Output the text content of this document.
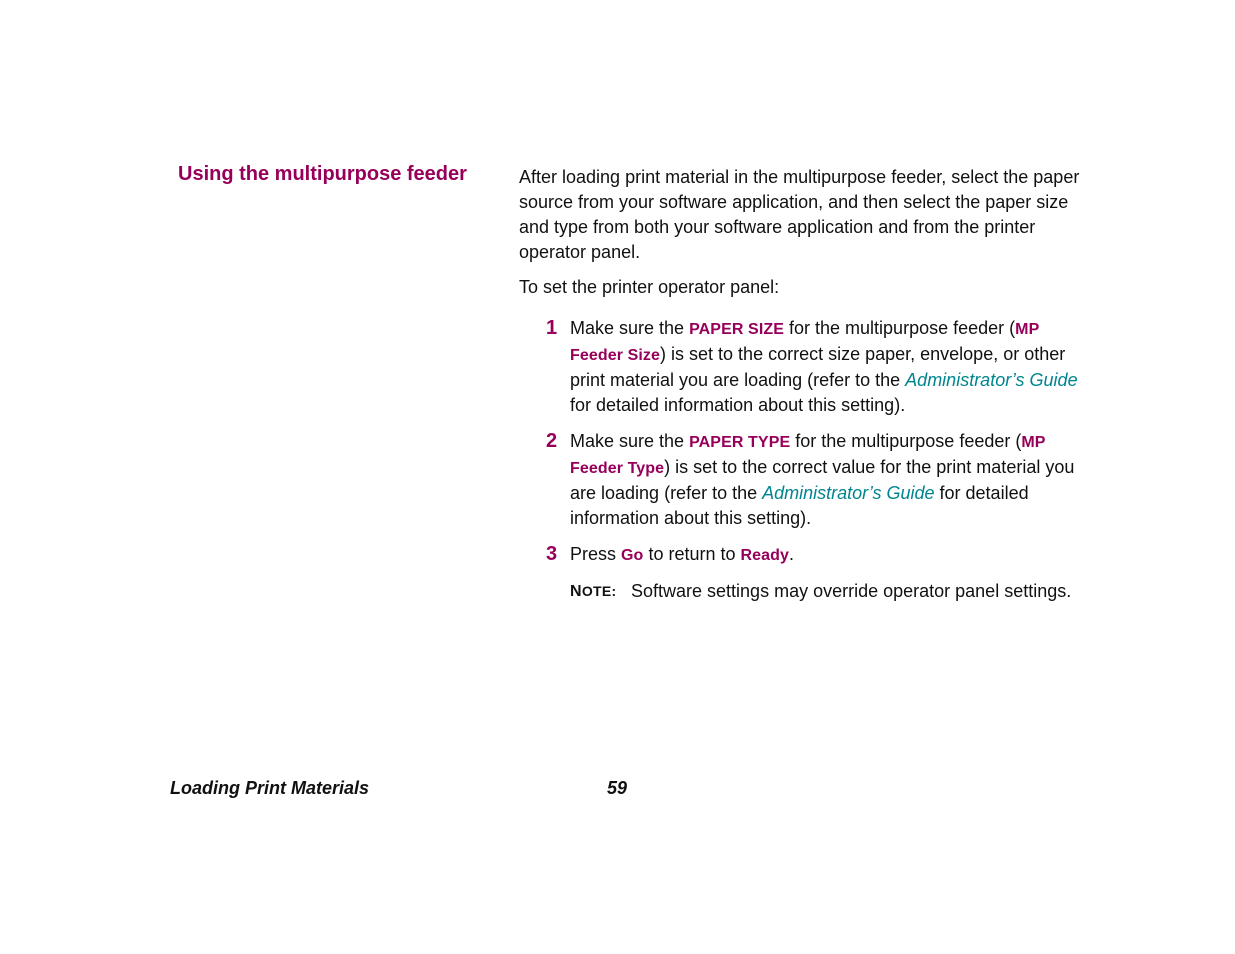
Using the multipurpose feeder	After loading print material in the multipurpose feeder, select the paper source from your software application, and then select the paper size and type from both your software application and from the printer operator panel.

To set the printer operator panel:

1 Make sure the PAPER SIZE for the multipurpose feeder (MP Feeder Size) is set to the correct size paper, envelope, or other print material you are loading (refer to the Administrator’s Guide for detailed information about this setting).
2 Make sure the PAPER TYPE for the multipurpose feeder (MP Feeder Type) is set to the correct value for the print material you are loading (refer to the Administrator’s Guide for detailed information about this setting).
3 Press Go to return to Ready.
NOTE: Software settings may override operator panel settings.
Loading Print Materials	59
